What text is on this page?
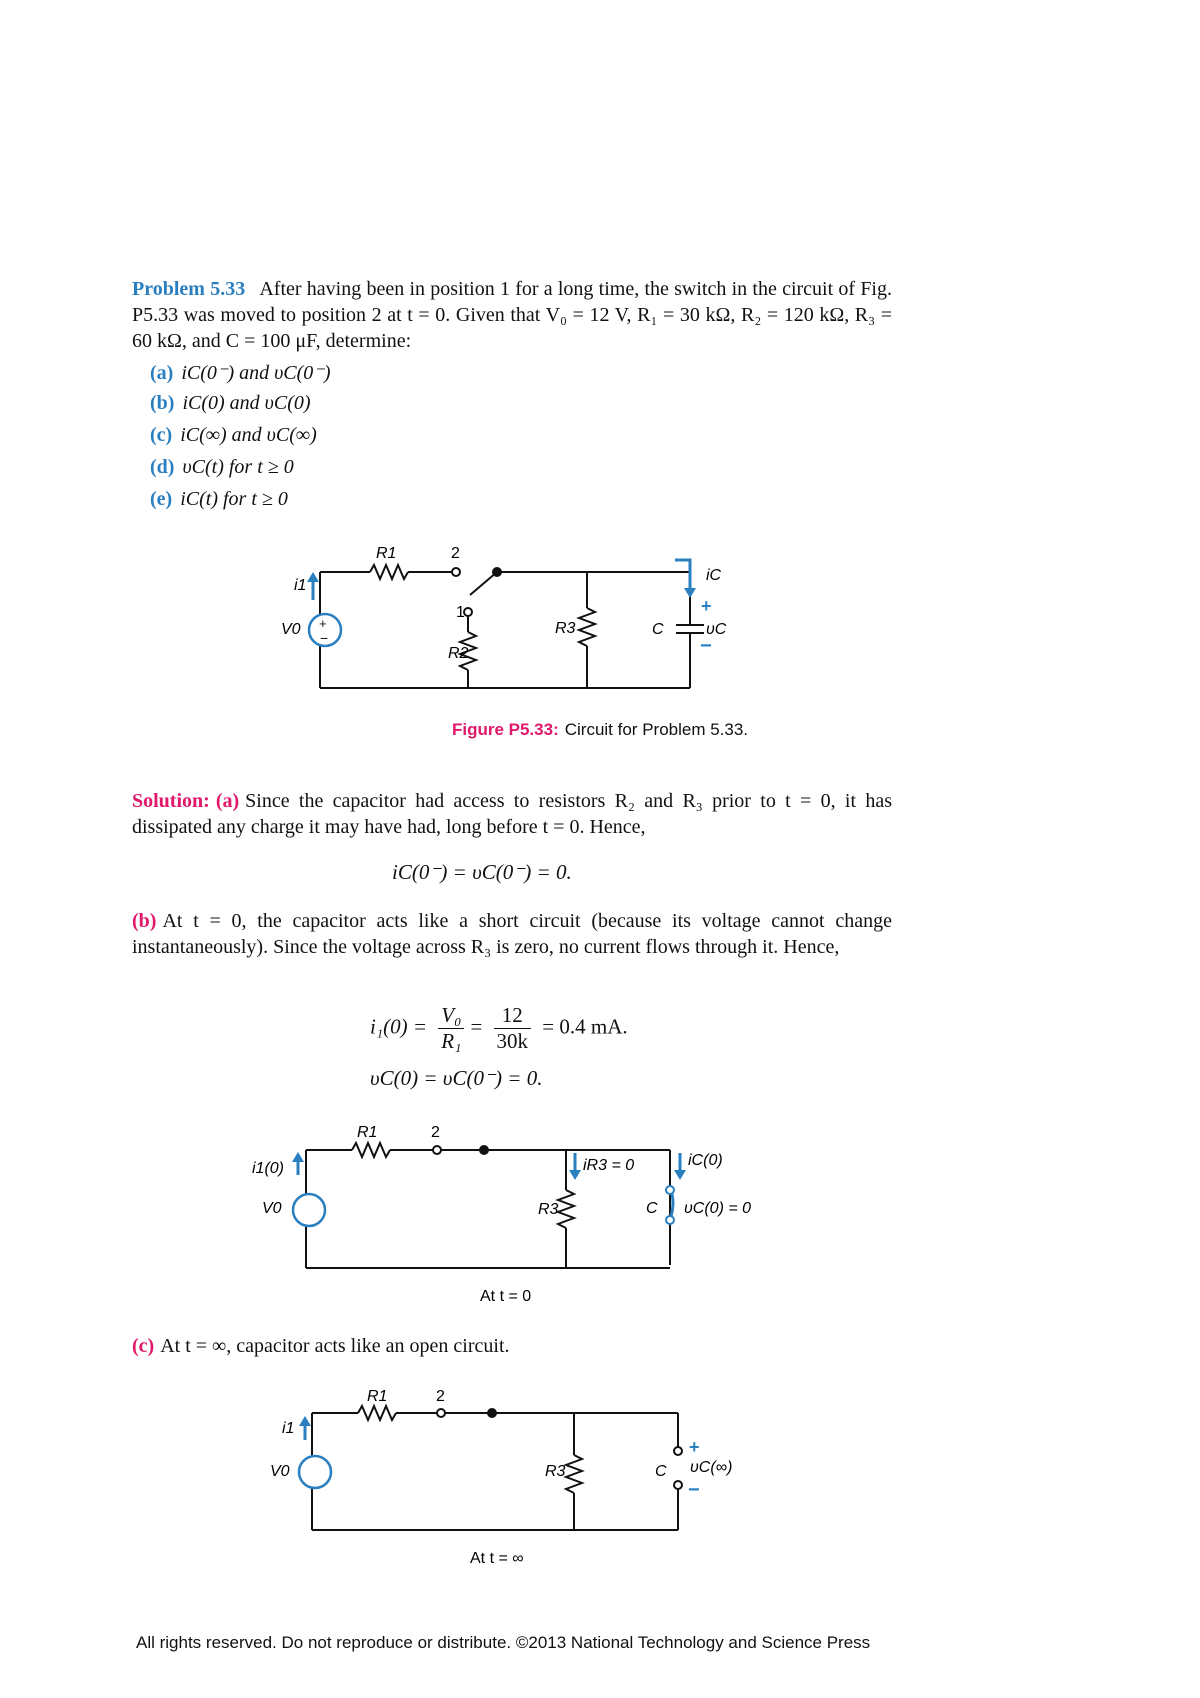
Problem 5.33 After having been in position 1 for a long time, the switch in the circuit of Fig. P5.33 was moved to position 2 at t = 0. Given that V₀ = 12 V, R₁ = 30 kΩ, R₂ = 120 kΩ, R₃ = 60 kΩ, and C = 100 μF, determine:
(a) iC(0⁻) and υC(0⁻)
(b) iC(0) and υC(0)
(c) iC(∞) and υC(∞)
(d) υC(t) for t ≥ 0
(e) iC(t) for t ≥ 0
+
−
+
−
R1	2
1
R2
R3	C	υC
iC
V0
i1
Figure P5.33: Circuit for Problem 5.33.
Solution: (a) Since the capacitor had access to resistors R₂ and R₃ prior to t = 0, it has dissipated any charge it may have had, long before t = 0. Hence,
iC(0⁻) = υC(0⁻) = 0.
(b) At t = 0, the capacitor acts like a short circuit (because its voltage cannot change instantaneously). Since the voltage across R₃ is zero, no current flows through it. Hence,
$i_1(0) = \frac{\text{V₀}}{\text{R₁}} = \frac{12}{30k} = 0.4$ mA.
υC(0) = υC(0⁻) = 0.
R1	2
i1(0)
V0	R3
iR3 = 0	iC(0)
C υC(0) = 0
At t = 0
(c) At t = ∞, capacitor acts like an open circuit.
+
−
R1	2
i1
V0	R3	C υC(∞)
At t = ∞
All rights reserved. Do not reproduce or distribute. ©2013 National Technology and Science Press
